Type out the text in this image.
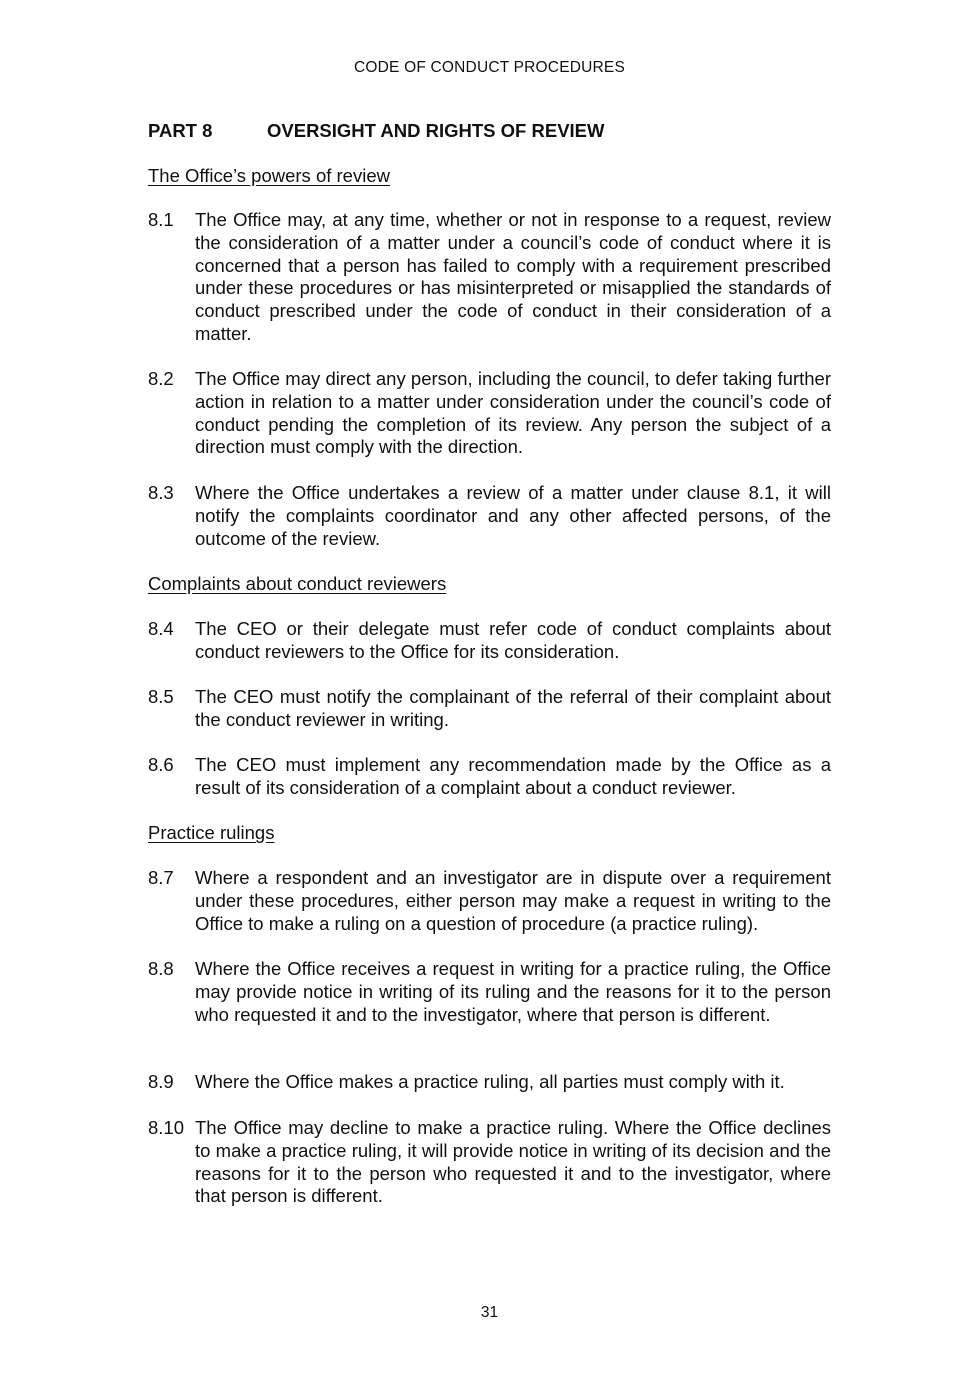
CODE OF CONDUCT PROCEDURES
PART 8	OVERSIGHT AND RIGHTS OF REVIEW
The Office’s powers of review
8.1 The Office may, at any time, whether or not in response to a request, review the consideration of a matter under a council’s code of conduct where it is concerned that a person has failed to comply with a requirement prescribed under these procedures or has misinterpreted or misapplied the standards of conduct prescribed under the code of conduct in their consideration of a matter.
8.2 The Office may direct any person, including the council, to defer taking further action in relation to a matter under consideration under the council’s code of conduct pending the completion of its review. Any person the subject of a direction must comply with the direction.
8.3 Where the Office undertakes a review of a matter under clause 8.1, it will notify the complaints coordinator and any other affected persons, of the outcome of the review.
Complaints about conduct reviewers
8.4 The CEO or their delegate must refer code of conduct complaints about conduct reviewers to the Office for its consideration.
8.5 The CEO must notify the complainant of the referral of their complaint about the conduct reviewer in writing.
8.6 The CEO must implement any recommendation made by the Office as a result of its consideration of a complaint about a conduct reviewer.
Practice rulings
8.7 Where a respondent and an investigator are in dispute over a requirement under these procedures, either person may make a request in writing to the Office to make a ruling on a question of procedure (a practice ruling).
8.8 Where the Office receives a request in writing for a practice ruling, the Office may provide notice in writing of its ruling and the reasons for it to the person who requested it and to the investigator, where that person is different.
8.9 Where the Office makes a practice ruling, all parties must comply with it.
8.10 The Office may decline to make a practice ruling. Where the Office declines to make a practice ruling, it will provide notice in writing of its decision and the reasons for it to the person who requested it and to the investigator, where that person is different.
31
